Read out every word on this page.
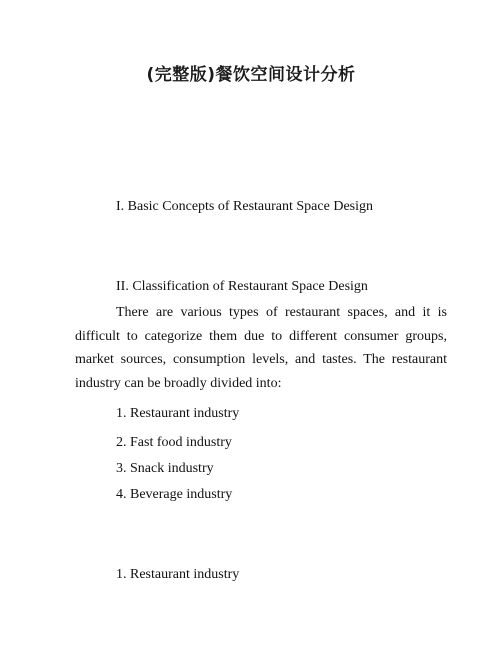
(完整版)餐饮空间设计分析
I. Basic Concepts of Restaurant Space Design
II. Classification of Restaurant Space Design
There are various types of restaurant spaces, and it is difficult to categorize them due to different consumer groups, market sources, consumption levels, and tastes. The restaurant industry can be broadly divided into:
1. Restaurant industry
2. Fast food industry
3. Snack industry
4. Beverage industry
1. Restaurant industry
